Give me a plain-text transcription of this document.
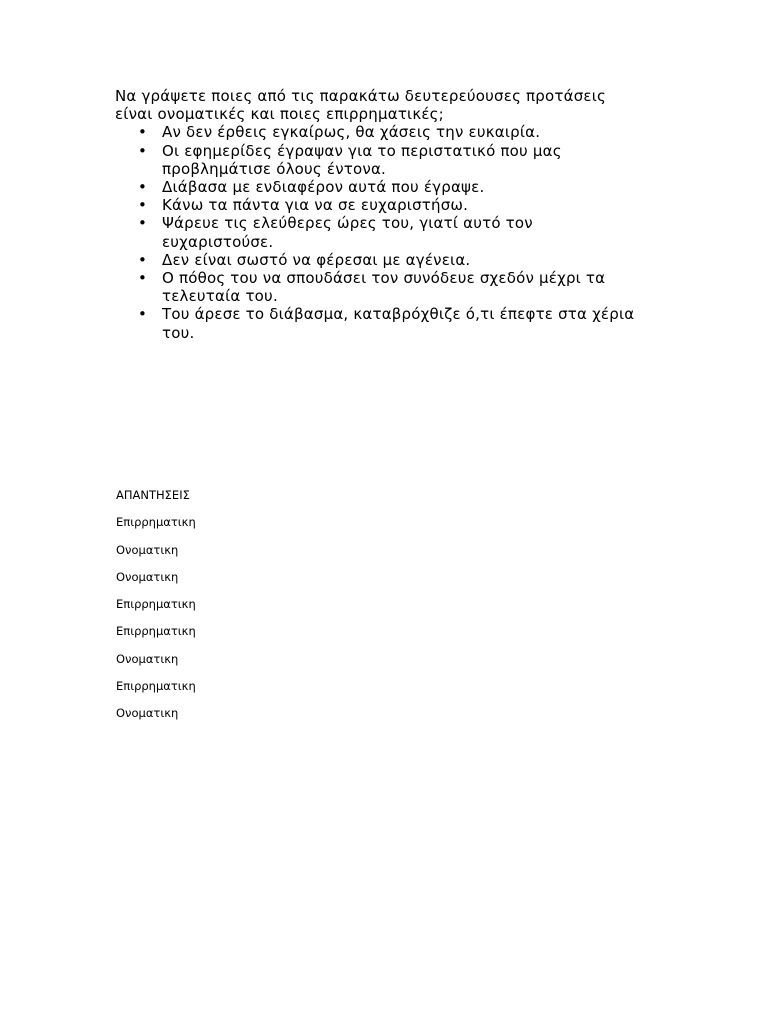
Να γράψετε ποιες από τις παρακάτω δευτερεύουσες προτάσεις
είναι ονοματικές και ποιες επιρρηματικές;

• Αν δεν έρθεις εγκαίρως, θα χάσεις την ευκαιρία.
• Οι εφημερίδες έγραψαν για το περιστατικό που μας
προβλημάτισε όλους έντονα.
• Διάβασα με ενδιαφέρον αυτά που έγραψε.
• Κάνω τα πάντα για να σε ευχαριστήσω.
• Ψάρευε τις ελεύθερες ώρες του, γιατί αυτό τον
ευχαριστούσε.
• Δεν είναι σωστό να φέρεσαι με αγένεια.
• Ο πόθος του να σπουδάσει τον συνόδευε σχεδόν μέχρι τα
τελευταία του.
• Του άρεσε το διάβασμα, καταβρόχθιζε ό,τι έπεφτε στα χέρια
του.
ΑΠΑΝΤΗΣΕΙΣ
Επιρρηματικη
Ονοματικη
Ονοματικη
Επιρρηματικη
Επιρρηματικη
Ονοματικη
Επιρρηματικη
Ονοματικη
